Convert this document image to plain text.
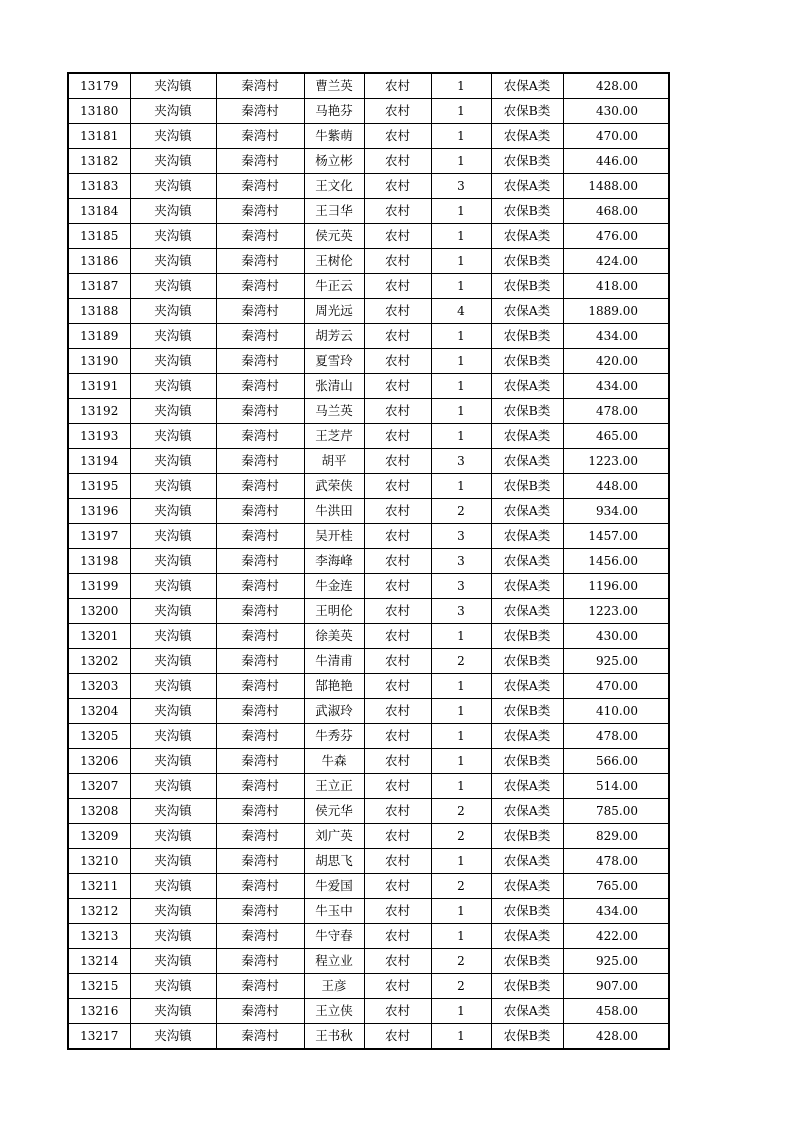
13179	夹沟镇	秦湾村	曹兰英	农村	1	农保A类	428.00
13180	夹沟镇	秦湾村	马艳芬	农村	1	农保B类	430.00
13181	夹沟镇	秦湾村	牛紫萌	农村	1	农保A类	470.00
13182	夹沟镇	秦湾村	杨立彬	农村	1	农保B类	446.00
13183	夹沟镇	秦湾村	王文化	农村	3	农保A类	1488.00
13184	夹沟镇	秦湾村	王彐华	农村	1	农保B类	468.00
13185	夹沟镇	秦湾村	侯元英	农村	1	农保A类	476.00
13186	夹沟镇	秦湾村	王树伦	农村	1	农保B类	424.00
13187	夹沟镇	秦湾村	牛正云	农村	1	农保B类	418.00
13188	夹沟镇	秦湾村	周光远	农村	4	农保A类	1889.00
13189	夹沟镇	秦湾村	胡芳云	农村	1	农保B类	434.00
13190	夹沟镇	秦湾村	夏雪玲	农村	1	农保B类	420.00
13191	夹沟镇	秦湾村	张清山	农村	1	农保A类	434.00
13192	夹沟镇	秦湾村	马兰英	农村	1	农保B类	478.00
13193	夹沟镇	秦湾村	王芝芹	农村	1	农保A类	465.00
13194	夹沟镇	秦湾村	胡平	农村	3	农保A类	1223.00
13195	夹沟镇	秦湾村	武荣侠	农村	1	农保B类	448.00
13196	夹沟镇	秦湾村	牛洪田	农村	2	农保A类	934.00
13197	夹沟镇	秦湾村	吴开桂	农村	3	农保A类	1457.00
13198	夹沟镇	秦湾村	李海峰	农村	3	农保A类	1456.00
13199	夹沟镇	秦湾村	牛金连	农村	3	农保A类	1196.00
13200	夹沟镇	秦湾村	王明伦	农村	3	农保A类	1223.00
13201	夹沟镇	秦湾村	徐美英	农村	1	农保B类	430.00
13202	夹沟镇	秦湾村	牛清甫	农村	2	农保B类	925.00
13203	夹沟镇	秦湾村	郜艳艳	农村	1	农保A类	470.00
13204	夹沟镇	秦湾村	武淑玲	农村	1	农保B类	410.00
13205	夹沟镇	秦湾村	牛秀芬	农村	1	农保A类	478.00
13206	夹沟镇	秦湾村	牛森	农村	1	农保B类	566.00
13207	夹沟镇	秦湾村	王立正	农村	1	农保A类	514.00
13208	夹沟镇	秦湾村	侯元华	农村	2	农保A类	785.00
13209	夹沟镇	秦湾村	刘广英	农村	2	农保B类	829.00
13210	夹沟镇	秦湾村	胡思飞	农村	1	农保A类	478.00
13211	夹沟镇	秦湾村	牛爱国	农村	2	农保A类	765.00
13212	夹沟镇	秦湾村	牛玉中	农村	1	农保B类	434.00
13213	夹沟镇	秦湾村	牛守春	农村	1	农保A类	422.00
13214	夹沟镇	秦湾村	程立业	农村	2	农保B类	925.00
13215	夹沟镇	秦湾村	王彦	农村	2	农保B类	907.00
13216	夹沟镇	秦湾村	王立侠	农村	1	农保A类	458.00
13217	夹沟镇	秦湾村	王书秋	农村	1	农保B类	428.00
